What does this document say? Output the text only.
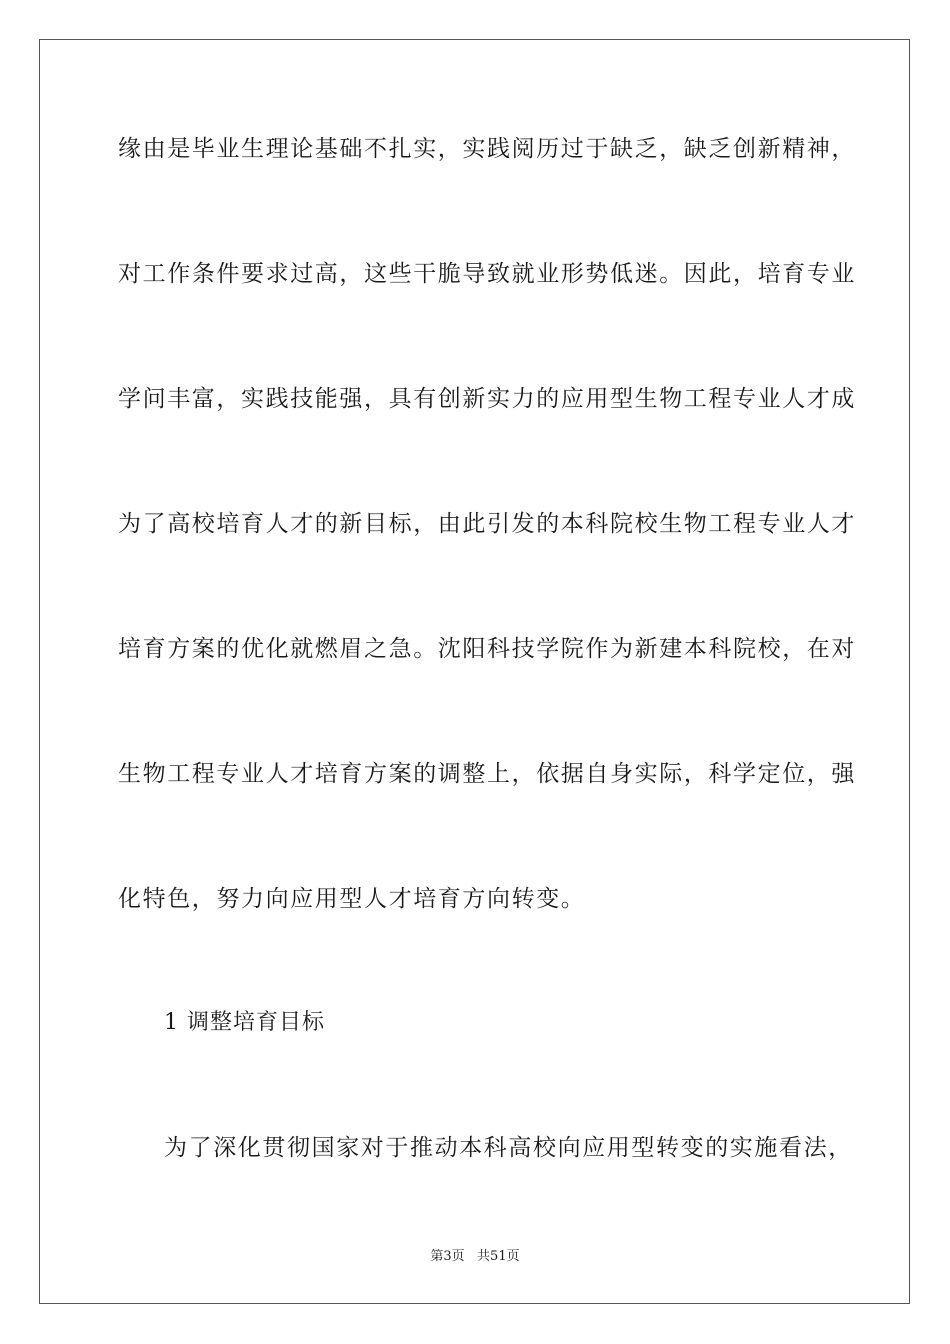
缘由是毕业生理论基础不扎实，实践阅历过于缺乏，缺乏创新精神，
对工作条件要求过高，这些干脆导致就业形势低迷。因此，培育专业
学问丰富，实践技能强，具有创新实力的应用型生物工程专业人才成
为了高校培育人才的新目标，由此引发的本科院校生物工程专业人才
培育方案的优化就燃眉之急。沈阳科技学院作为新建本科院校，在对
生物工程专业人才培育方案的调整上，依据自身实际，科学定位，强
化特色，努力向应用型人才培育方向转变。
1 调整培育目标
为了深化贯彻国家对于推动本科高校向应用型转变的实施看法，
第3页   共51页
